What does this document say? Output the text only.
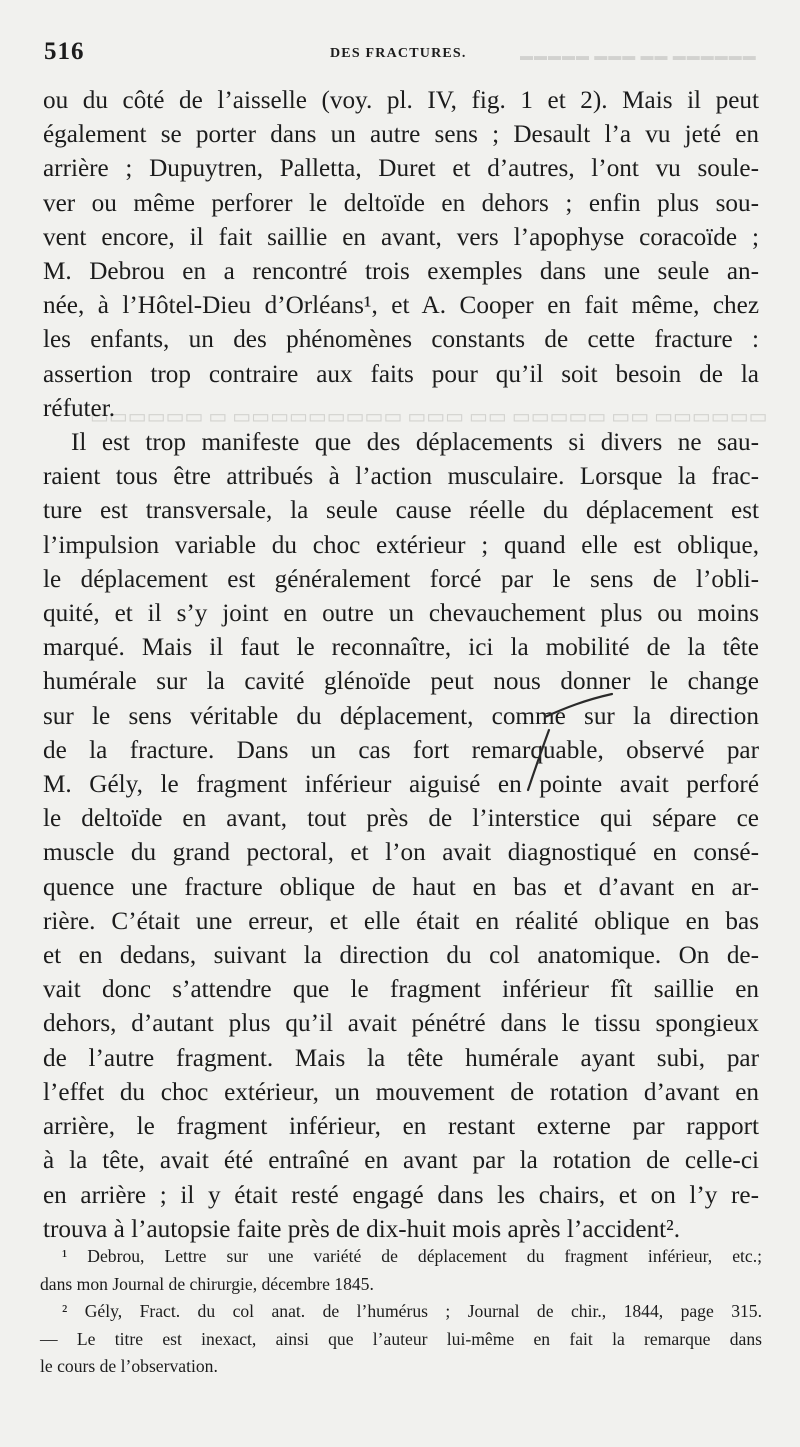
▬▬▬▬▬ ▬▬▬ ▬▬ ▬▬▬▬▬▬
▭▭▭▭▭▭ ▭ ▭▭▭▭▭▭▭▭▭ ▭▭▭ ▭▭ ▭▭▭▭▭ ▭▭ ▭▭▭▭▭▭
516	DES FRACTURES.
ou du côté de l’aisselle (voy. pl. IV, fig. 1 et 2). Mais il peut
également se porter dans un autre sens ; Desault l’a vu jeté en
arrière ; Dupuytren, Palletta, Duret et d’autres, l’ont vu soule-
ver ou même perforer le deltoïde en dehors ; enfin plus sou-
vent encore, il fait saillie en avant, vers l’apophyse coracoïde ;
M. Debrou en a rencontré trois exemples dans une seule an-
née, à l’Hôtel-Dieu d’Orléans¹, et A. Cooper en fait même, chez
les enfants, un des phénomènes constants de cette fracture :
assertion trop contraire aux faits pour qu’il soit besoin de la
réfuter.
Il est trop manifeste que des déplacements si divers ne sau-
raient tous être attribués à l’action musculaire. Lorsque la frac-
ture est transversale, la seule cause réelle du déplacement est
l’impulsion variable du choc extérieur ; quand elle est oblique,
le déplacement est généralement forcé par le sens de l’obli-
quité, et il s’y joint en outre un chevauchement plus ou moins
marqué. Mais il faut le reconnaître, ici la mobilité de la tête
humérale sur la cavité glénoïde peut nous donner le change
sur le sens véritable du déplacement, comme sur la direction
de la fracture. Dans un cas fort remarquable, observé par
M. Gély, le fragment inférieur aiguisé en pointe avait perforé
le deltoïde en avant, tout près de l’interstice qui sépare ce
muscle du grand pectoral, et l’on avait diagnostiqué en consé-
quence une fracture oblique de haut en bas et d’avant en ar-
rière. C’était une erreur, et elle était en réalité oblique en bas
et en dedans, suivant la direction du col anatomique. On de-
vait donc s’attendre que le fragment inférieur fît saillie en
dehors, d’autant plus qu’il avait pénétré dans le tissu spongieux
de l’autre fragment. Mais la tête humérale ayant subi, par
l’effet du choc extérieur, un mouvement de rotation d’avant en
arrière, le fragment inférieur, en restant externe par rapport
à la tête, avait été entraîné en avant par la rotation de celle-ci
en arrière ; il y était resté engagé dans les chairs, et on l’y re-
trouva à l’autopsie faite près de dix-huit mois après l’accident².
¹ Debrou, Lettre sur une variété de déplacement du fragment inférieur, etc.;
dans mon Journal de chirurgie, décembre 1845.
² Gély, Fract. du col anat. de l’humérus ; Journal de chir., 1844, page 315.
— Le titre est inexact, ainsi que l’auteur lui-même en fait la remarque dans
le cours de l’observation.
